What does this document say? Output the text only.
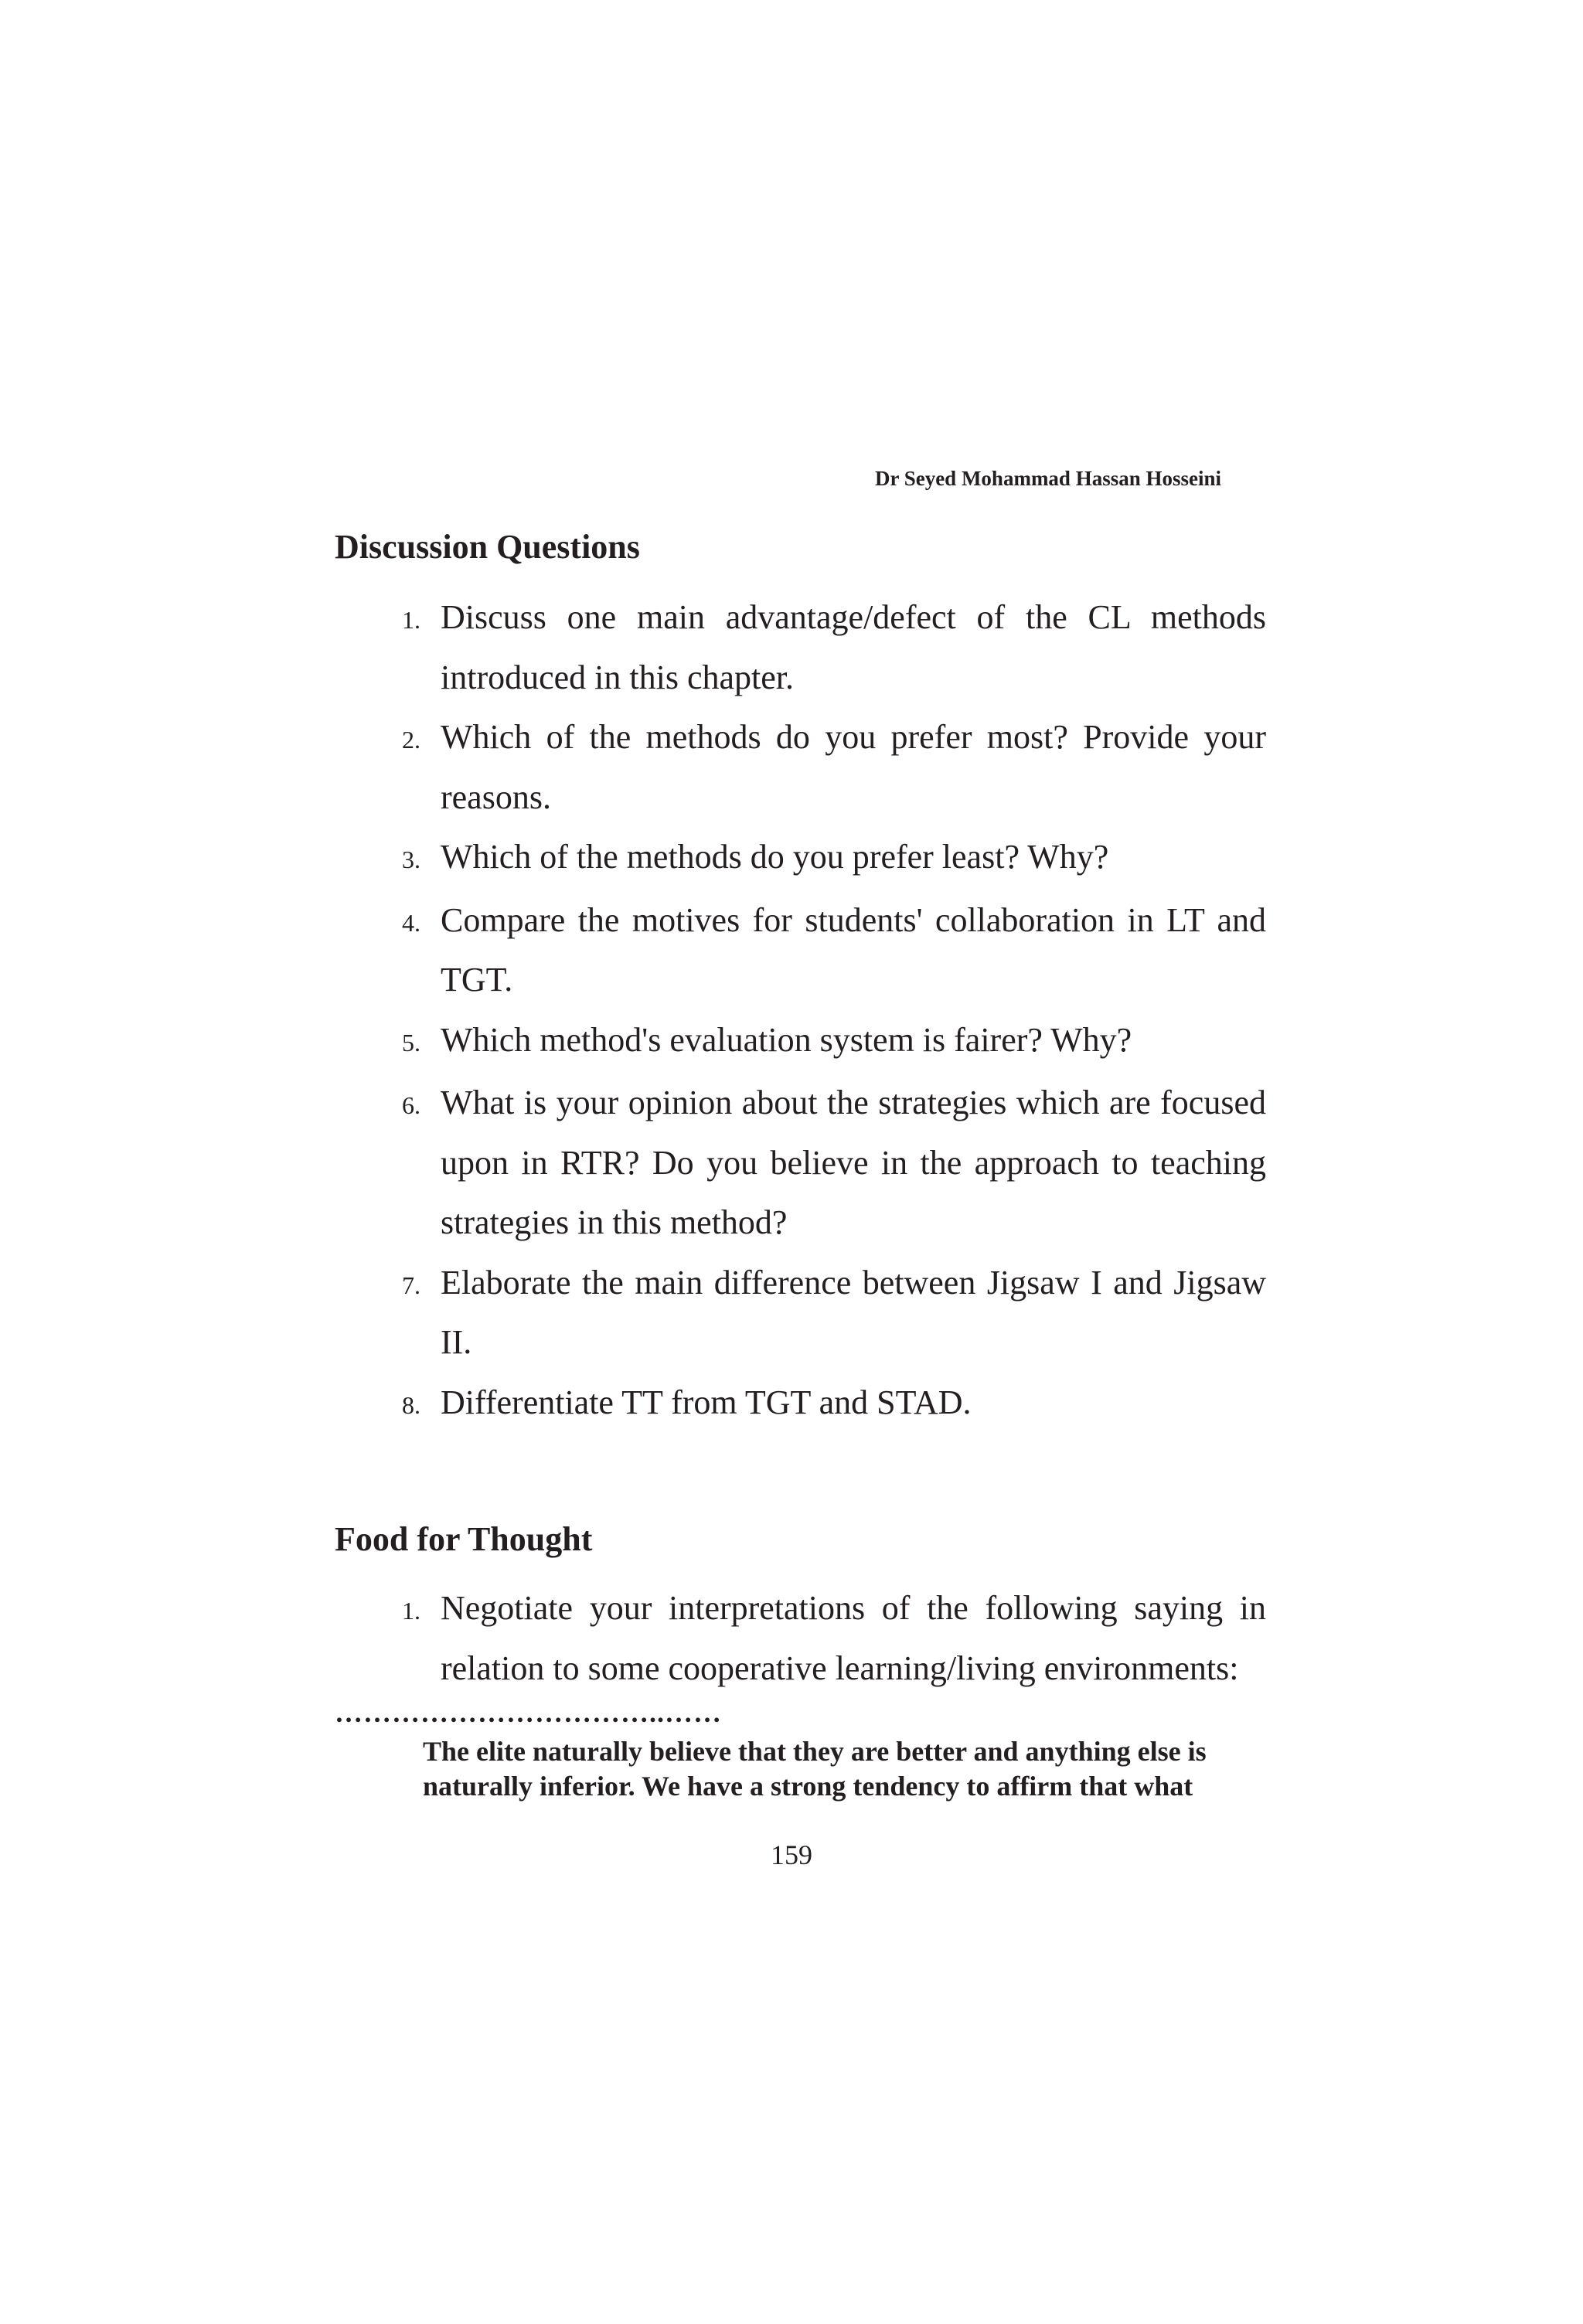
Dr Seyed Mohammad Hassan Hosseini
Discussion Questions
1. Discuss one main advantage/defect of the CL methods introduced in this chapter.
2. Which of the methods do you prefer most? Provide your reasons.
3. Which of the methods do you prefer least? Why?
4. Compare the motives for students' collaboration in LT and TGT.
5. Which method's evaluation system is fairer? Why?
6. What is your opinion about the strategies which are focused upon in RTR? Do you believe in the approach to teaching strategies in this method?
7. Elaborate the main difference between Jigsaw I and Jigsaw II.
8. Differentiate TT from TGT and STAD.
Food for Thought
1. Negotiate your interpretations of the following saying in relation to some cooperative learning/living environments:
……………………………..……
The elite naturally believe that they are better and anything else is
naturally inferior. We have a strong tendency to affirm that what
159
